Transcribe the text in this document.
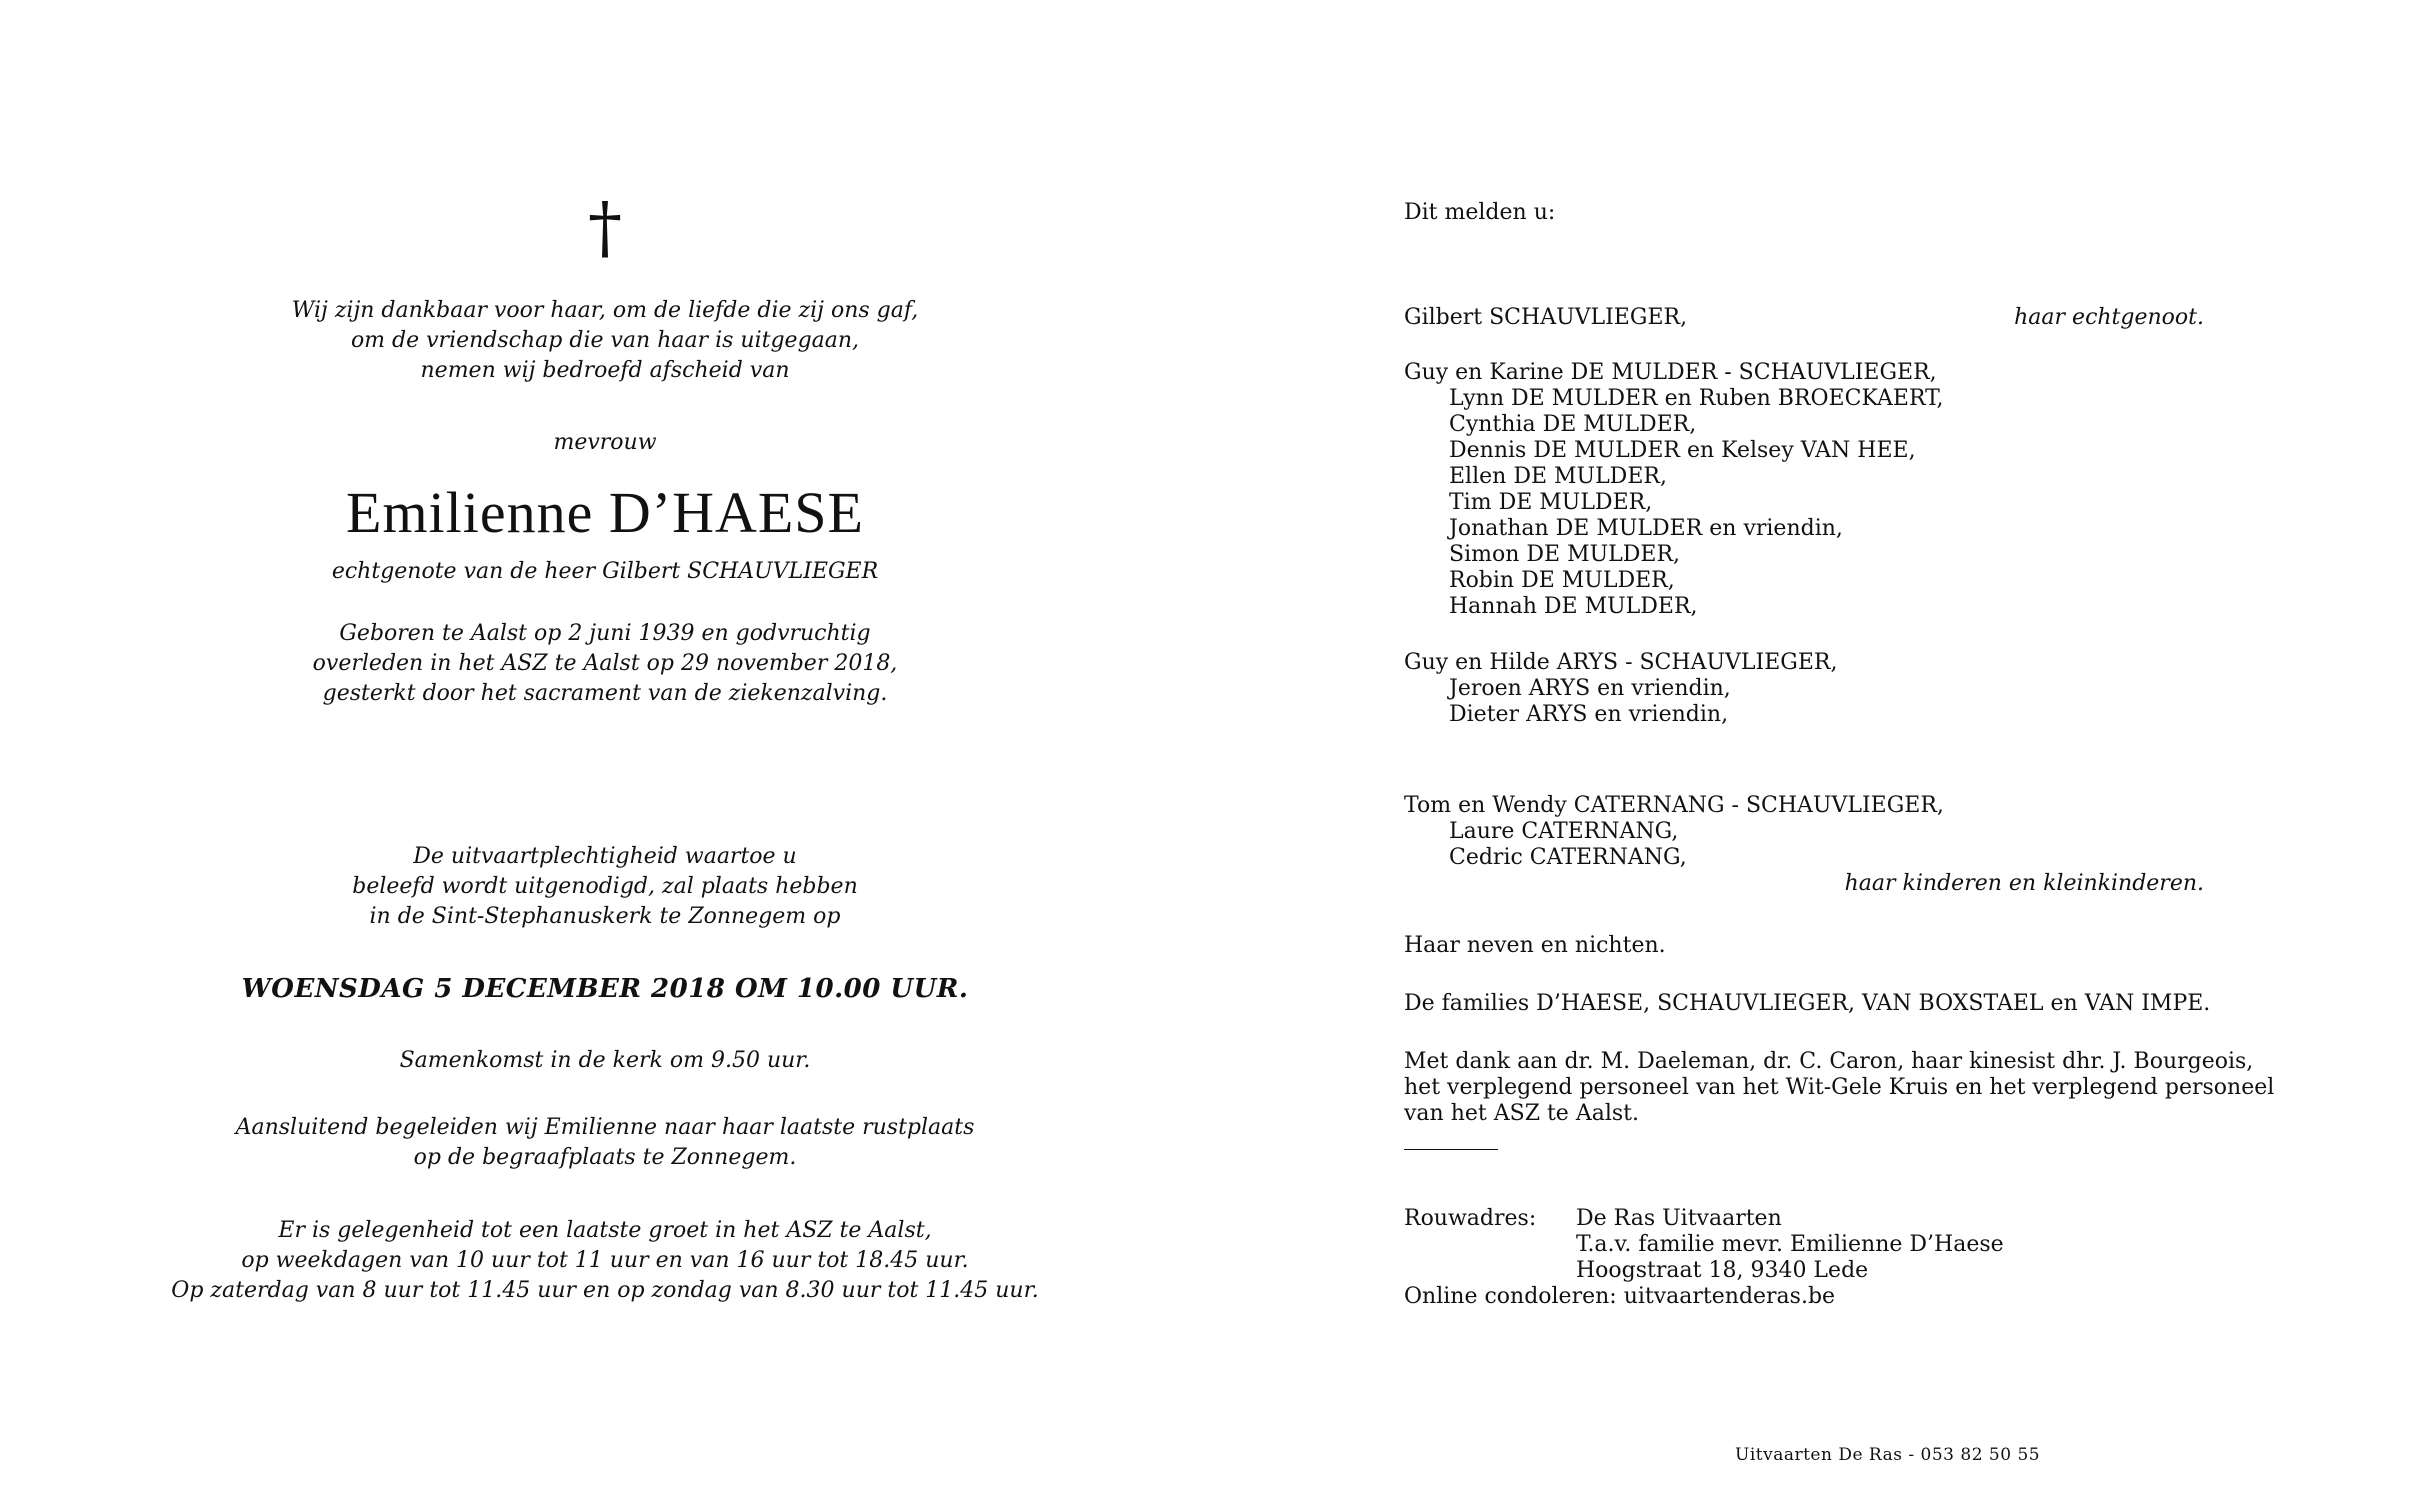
†
Wij zijn dankbaar voor haar, om de liefde die zij ons gaf,
om de vriendschap die van haar is uitgegaan,
nemen wij bedroefd afscheid van
mevrouw
Emilienne D’HAESE
echtgenote van de heer Gilbert SCHAUVLIEGER
Geboren te Aalst op 2 juni 1939 en godvruchtig
overleden in het ASZ te Aalst op 29 november 2018,
gesterkt door het sacrament van de ziekenzalving.
De uitvaartplechtigheid waartoe u
beleefd wordt uitgenodigd, zal plaats hebben
in de Sint-Stephanuskerk te Zonnegem op
WOENSDAG 5 DECEMBER 2018 OM 10.00 UUR.
Samenkomst in de kerk om 9.50 uur.
Aansluitend begeleiden wij Emilienne naar haar laatste rustplaats
op de begraafplaats te Zonnegem.
Er is gelegenheid tot een laatste groet in het ASZ te Aalst,
op weekdagen van 10 uur tot 11 uur en van 16 uur tot 18.45 uur.
Op zaterdag van 8 uur tot 11.45 uur en op zondag van 8.30 uur tot 11.45 uur.
Dit melden u:
Gilbert SCHAUVLIEGER,	haar echtgenoot.
Guy en Karine DE MULDER - SCHAUVLIEGER,
Lynn DE MULDER en Ruben BROECKAERT,
Cynthia DE MULDER,
Dennis DE MULDER en Kelsey VAN HEE,
Ellen DE MULDER,
Tim DE MULDER,
Jonathan DE MULDER en vriendin,
Simon DE MULDER,
Robin DE MULDER,
Hannah DE MULDER,
Guy en Hilde ARYS - SCHAUVLIEGER,
Jeroen ARYS en vriendin,
Dieter ARYS en vriendin,
Tom en Wendy CATERNANG - SCHAUVLIEGER,
Laure CATERNANG,
Cedric CATERNANG,
haar kinderen en kleinkinderen.
Haar neven en nichten.
De families D’HAESE, SCHAUVLIEGER, VAN BOXSTAEL en VAN IMPE.
Met dank aan dr. M. Daeleman, dr. C. Caron, haar kinesist dhr. J. Bourgeois,
het verplegend personeel van het Wit-Gele Kruis en het verplegend personeel
van het ASZ te Aalst.
Rouwadres: De Ras Uitvaarten
T.a.v. familie mevr. Emilienne D’Haese
Hoogstraat 18, 9340 Lede
Online condoleren: uitvaartenderas.be
Uitvaarten De Ras - 053 82 50 55
